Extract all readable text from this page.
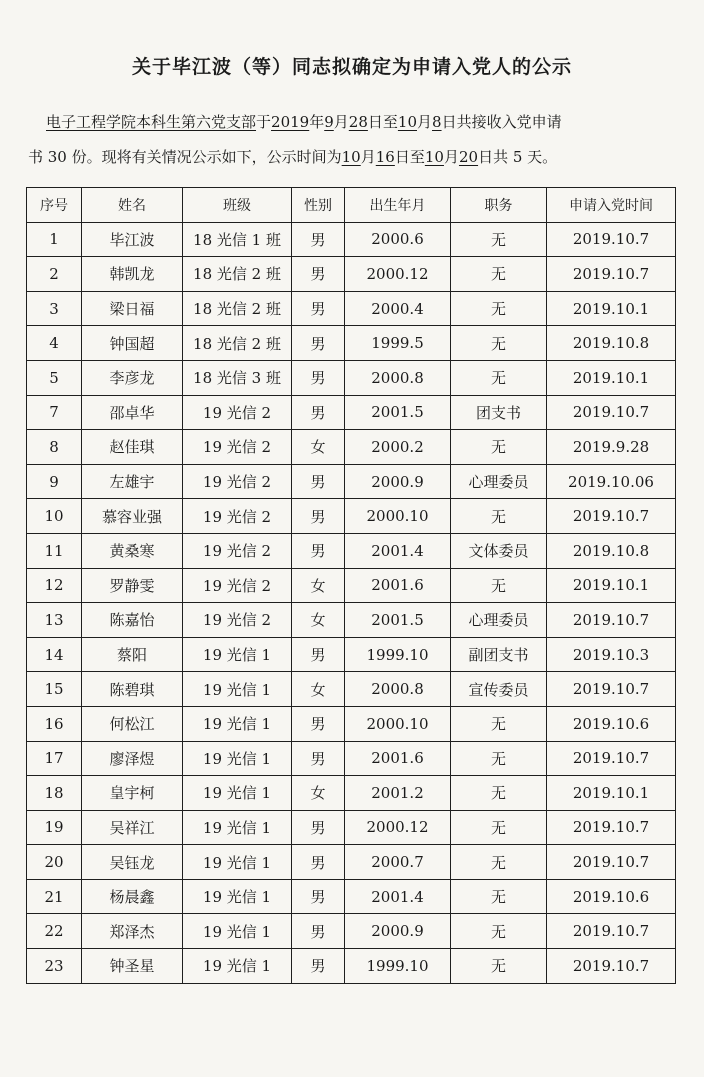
关于毕江波（等）同志拟确定为申请入党人的公示
电子工程学院本科生第六党支部于2019年9月28日至10月8日共接收入党申请
书 30 份。现将有关情况公示如下，公示时间为10月16日至10月20日共 5 天。
序号	姓名	班级	性别	出生年月	职务	申请入党时间
1	毕江波	18 光信 1 班	男	2000.6	无	2019.10.7
2	韩凯龙	18 光信 2 班	男	2000.12	无	2019.10.7
3	梁日福	18 光信 2 班	男	2000.4	无	2019.10.1
4	钟国超	18 光信 2 班	男	1999.5	无	2019.10.8
5	李彦龙	18 光信 3 班	男	2000.8	无	2019.10.1
7	邵卓华	19 光信 2	男	2001.5	团支书	2019.10.7
8	赵佳琪	19 光信 2	女	2000.2	无	2019.9.28
9	左雄宇	19 光信 2	男	2000.9	心理委员	2019.10.06
10	慕容业强	19 光信 2	男	2000.10	无	2019.10.7
11	黄桑寒	19 光信 2	男	2001.4	文体委员	2019.10.8
12	罗静雯	19 光信 2	女	2001.6	无	2019.10.1
13	陈嘉怡	19 光信 2	女	2001.5	心理委员	2019.10.7
14	蔡阳	19 光信 1	男	1999.10	副团支书	2019.10.3
15	陈碧琪	19 光信 1	女	2000.8	宣传委员	2019.10.7
16	何松江	19 光信 1	男	2000.10	无	2019.10.6
17	廖泽煜	19 光信 1	男	2001.6	无	2019.10.7
18	皇宇柯	19 光信 1	女	2001.2	无	2019.10.1
19	吴祥江	19 光信 1	男	2000.12	无	2019.10.7
20	吴钰龙	19 光信 1	男	2000.7	无	2019.10.7
21	杨晨鑫	19 光信 1	男	2001.4	无	2019.10.6
22	郑泽杰	19 光信 1	男	2000.9	无	2019.10.7
23	钟圣星	19 光信 1	男	1999.10	无	2019.10.7
